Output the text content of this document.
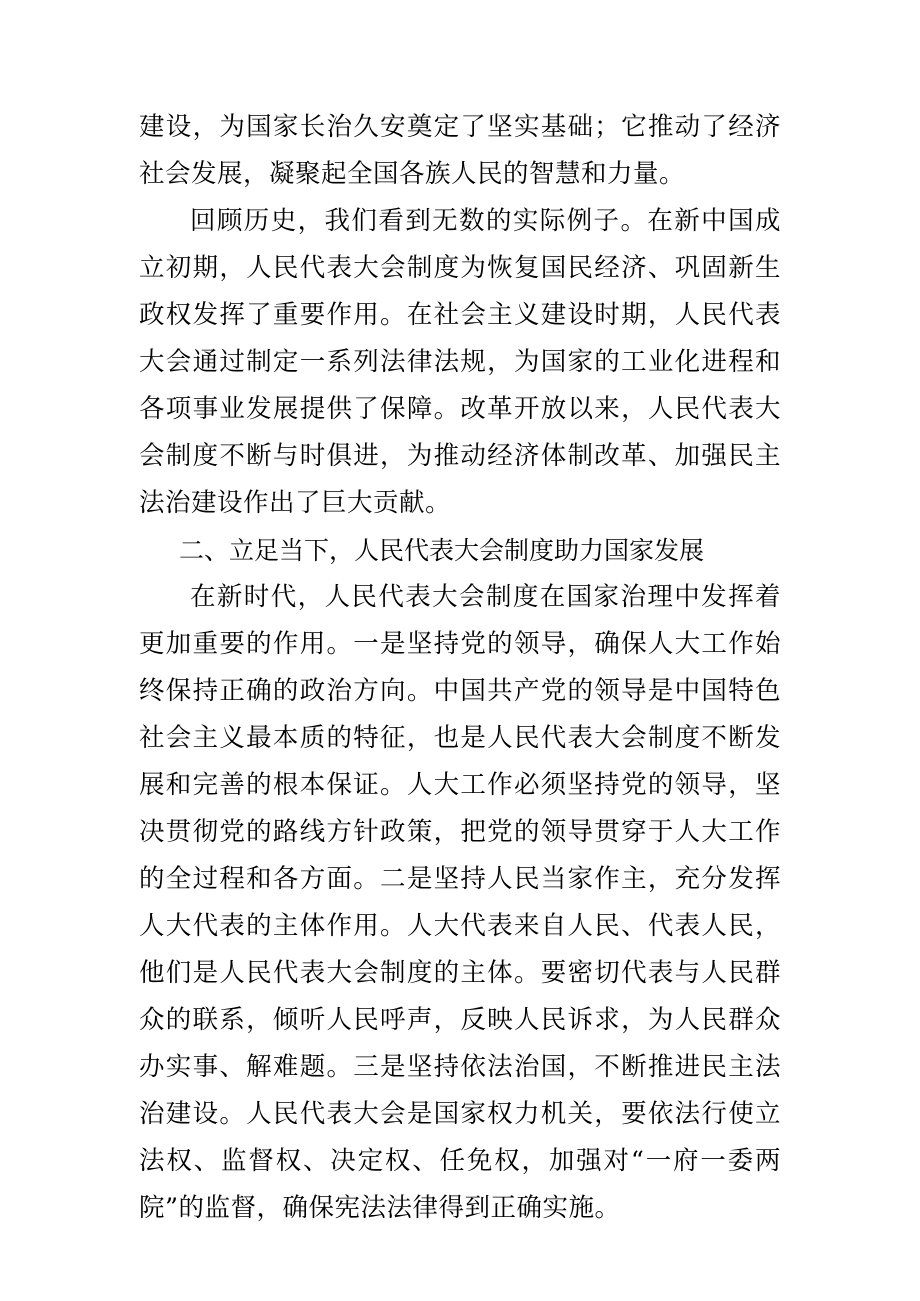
建设，为国家长治久安奠定了坚实基础；它推动了经济社会发展，凝聚起全国各族人民的智慧和力量。

回顾历史，我们看到无数的实际例子。在新中国成立初期，人民代表大会制度为恢复国民经济、巩固新生政权发挥了重要作用。在社会主义建设时期，人民代表大会通过制定一系列法律法规，为国家的工业化进程和各项事业发展提供了保障。改革开放以来，人民代表大会制度不断与时俱进，为推动经济体制改革、加强民主法治建设作出了巨大贡献。

二、立足当下，人民代表大会制度助力国家发展

在新时代，人民代表大会制度在国家治理中发挥着更加重要的作用。一是坚持党的领导，确保人大工作始终保持正确的政治方向。中国共产党的领导是中国特色社会主义最本质的特征，也是人民代表大会制度不断发展和完善的根本保证。人大工作必须坚持党的领导，坚决贯彻党的路线方针政策，把党的领导贯穿于人大工作的全过程和各方面。二是坚持人民当家作主，充分发挥人大代表的主体作用。人大代表来自人民、代表人民，他们是人民代表大会制度的主体。要密切代表与人民群众的联系，倾听人民呼声，反映人民诉求，为人民群众办实事、解难题。三是坚持依法治国，不断推进民主法治建设。人民代表大会是国家权力机关，要依法行使立法权、监督权、决定权、任免权，加强对“一府一委两院”的监督，确保宪法法律得到正确实施。
